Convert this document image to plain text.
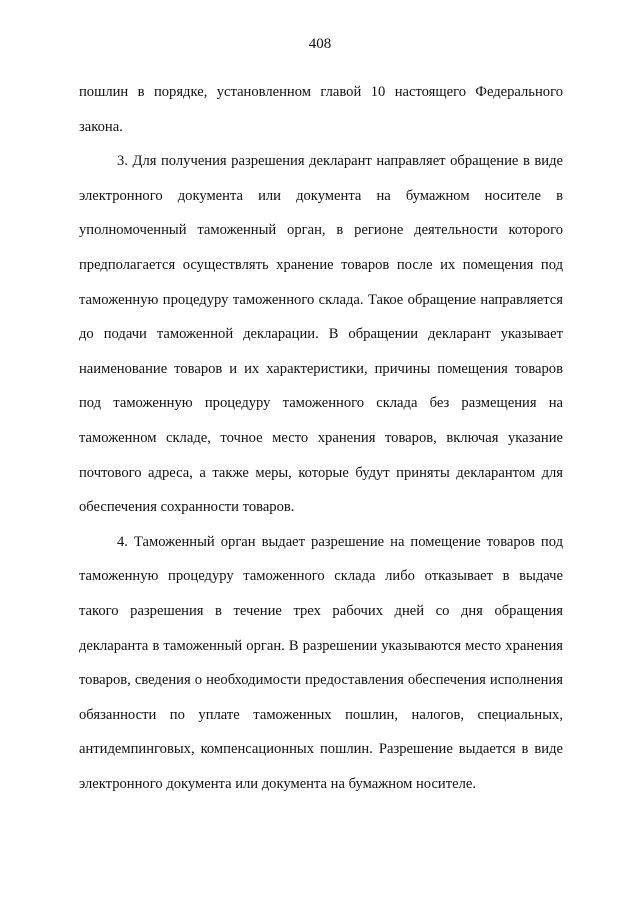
408

пошлин в порядке, установленном главой 10 настоящего Федерального закона.

3. Для получения разрешения декларант направляет обращение в виде электронного документа или документа на бумажном носителе в уполномоченный таможенный орган, в регионе деятельности которого предполагается осуществлять хранение товаров после их помещения под таможенную процедуру таможенного склада. Такое обращение направляется до подачи таможенной декларации. В обращении декларант указывает наименование товаров и их характеристики, причины помещения товаров под таможенную процедуру таможенного склада без размещения на таможенном складе, точное место хранения товаров, включая указание почтового адреса, а также меры, которые будут приняты декларантом для обеспечения сохранности товаров.

4. Таможенный орган выдает разрешение на помещение товаров под таможенную процедуру таможенного склада либо отказывает в выдаче такого разрешения в течение трех рабочих дней со дня обращения декларанта в таможенный орган. В разрешении указываются место хранения товаров, сведения о необходимости предоставления обеспечения исполнения обязанности по уплате таможенных пошлин, налогов, специальных, антидемпинговых, компенсационных пошлин. Разрешение выдается в виде электронного документа или документа на бумажном носителе.
